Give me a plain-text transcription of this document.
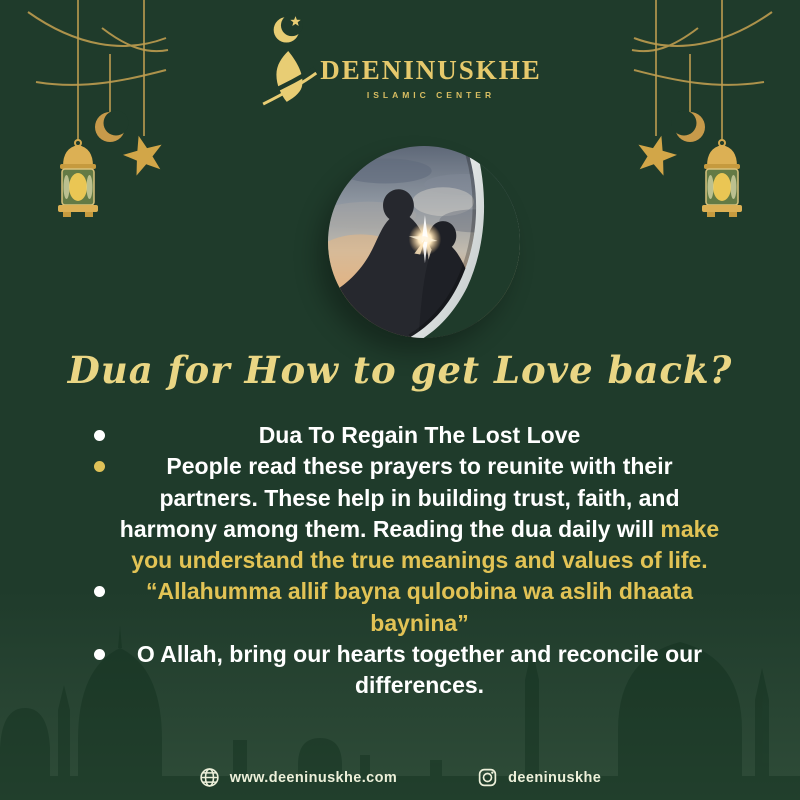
DEENINUSKHE
ISLAMIC CENTER
Dua for How to get Love back?

Dua To Regain The Lost Love

People read these prayers to reunite with their partners. These help in building trust, faith, and harmony among them. Reading the dua daily will make you understand the true meanings and values of life.

“Allahumma allif bayna quloobina wa aslih dhaata baynina”

O Allah, bring our hearts together and reconcile our differences.

www.deeninuskhe.com	deeninuskhe
